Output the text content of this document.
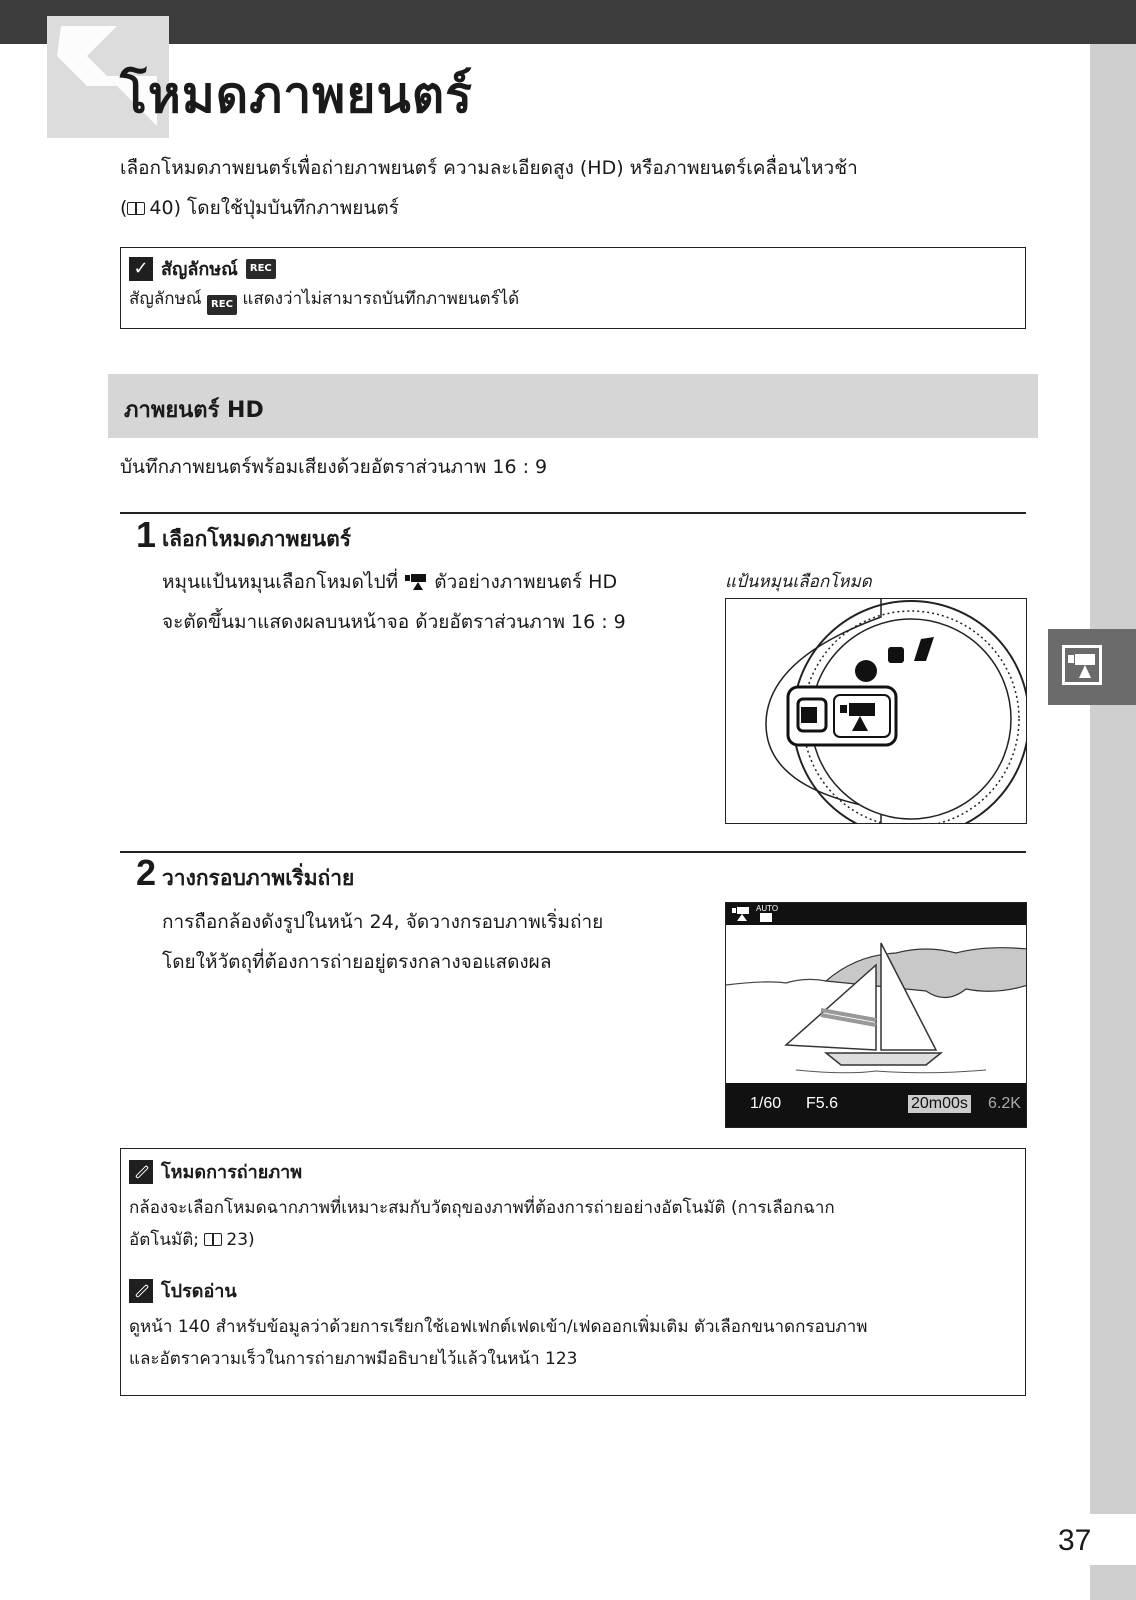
โหมดภาพยนตร์
เลือกโหมดภาพยนตร์เพื่อถ่ายภาพยนตร์ ความละเอียดสูง (HD) หรือภาพยนตร์เคลื่อนไหวช้า
( 40) โดยใช้ปุ่มบันทึกภาพยนตร์
✓ สัญลักษณ์	REC
สัญลักษณ์ REC แสดงว่าไม่สามารถบันทึกภาพยนตร์ได้
ภาพยนตร์ HD
บันทึกภาพยนตร์พร้อมเสียงด้วยอัตราส่วนภาพ 16 : 9
1 เลือกโหมดภาพยนตร์
หมุนแป้นหมุนเลือกโหมดไปที่ ตัวอย่างภาพยนตร์ HD
จะตัดขึ้นมาแสดงผลบนหน้าจอ ด้วยอัตราส่วนภาพ 16 : 9
แป้นหมุนเลือกโหมด
2 วางกรอบภาพเริ่มถ่าย
การถือกล้องดังรูปในหน้า 24, จัดวางกรอบภาพเริ่มถ่าย
โดยให้วัตถุที่ต้องการถ่ายอยู่ตรงกลางจอแสดงผล
AUTO
1/60 F5.6	20m00s 6.2K
โหมดการถ่ายภาพ
กล้องจะเลือกโหมดฉากภาพที่เหมาะสมกับวัตถุของภาพที่ต้องการถ่ายอย่างอัตโนมัติ (การเลือกฉาก
อัตโนมัติ; 23)
โปรดอ่าน
ดูหน้า 140 สำหรับข้อมูลว่าด้วยการเรียกใช้เอฟเฟกต์เฟดเข้า/เฟดออกเพิ่มเติม ตัวเลือกขนาดกรอบภาพ
และอัตราความเร็วในการถ่ายภาพมีอธิบายไว้แล้วในหน้า 123
37
